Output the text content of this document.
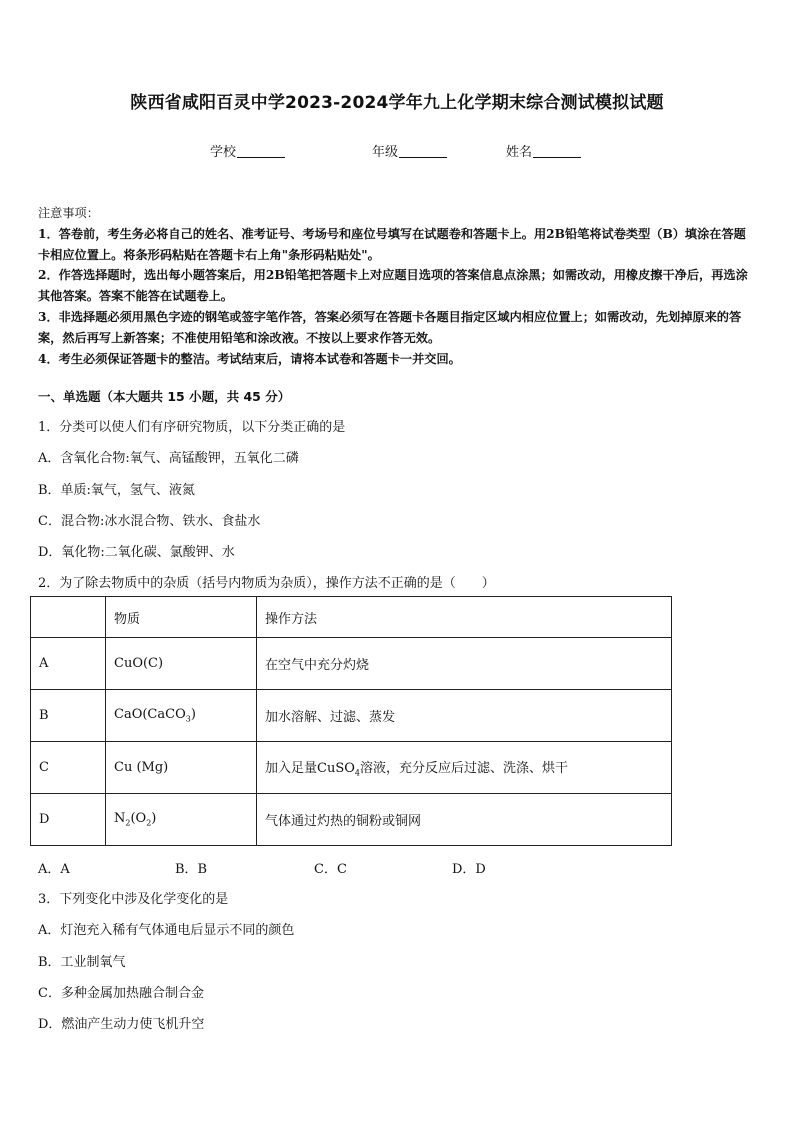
陕西省咸阳百灵中学2023-2024学年九上化学期末综合测试模拟试题
学校	年级	姓名
注意事项：

1．答卷前，考生务必将自己的姓名、准考证号、考场号和座位号填写在试题卷和答题卡上。用2B铅笔将试卷类型（B）填涂在答题卡相应位置上。将条形码粘贴在答题卡右上角"条形码粘贴处"。

2．作答选择题时，选出每小题答案后，用2B铅笔把答题卡上对应题目选项的答案信息点涂黑；如需改动，用橡皮擦干净后，再选涂其他答案。答案不能答在试题卷上。

3．非选择题必须用黑色字迹的钢笔或签字笔作答，答案必须写在答题卡各题目指定区域内相应位置上；如需改动，先划掉原来的答案，然后再写上新答案；不准使用铅笔和涂改液。不按以上要求作答无效。

4．考生必须保证答题卡的整洁。考试结束后，请将本试卷和答题卡一并交回。

一、单选题（本大题共 15 小题，共 45 分）
1．分类可以使人们有序研究物质，以下分类正确的是
A．含氧化合物:氧气、高锰酸钾，五氧化二磷
B．单质:氧气，氢气、液氮
C．混合物:冰水混合物、铁水、食盐水
D．氧化物:二氧化碳、氯酸钾、水
2．为了除去物质中的杂质（括号内物质为杂质），操作方法不正确的是（　　）
	物质	操作方法
A	CuO(C)	在空气中充分灼烧
B	CaO(CaCO$_3$)	加水溶解、过滤、蒸发
C	Cu (Mg)	加入足量CuSO$_4$溶液，充分反应后过滤、洗涤、烘干
D	$N_2(O_2)$	气体通过灼热的铜粉或铜网
A．A	B．B	C．C	D．D
3．下列变化中涉及化学变化的是
A．灯泡充入稀有气体通电后显示不同的颜色
B．工业制氧气
C．多种金属加热融合制合金
D．燃油产生动力使飞机升空
